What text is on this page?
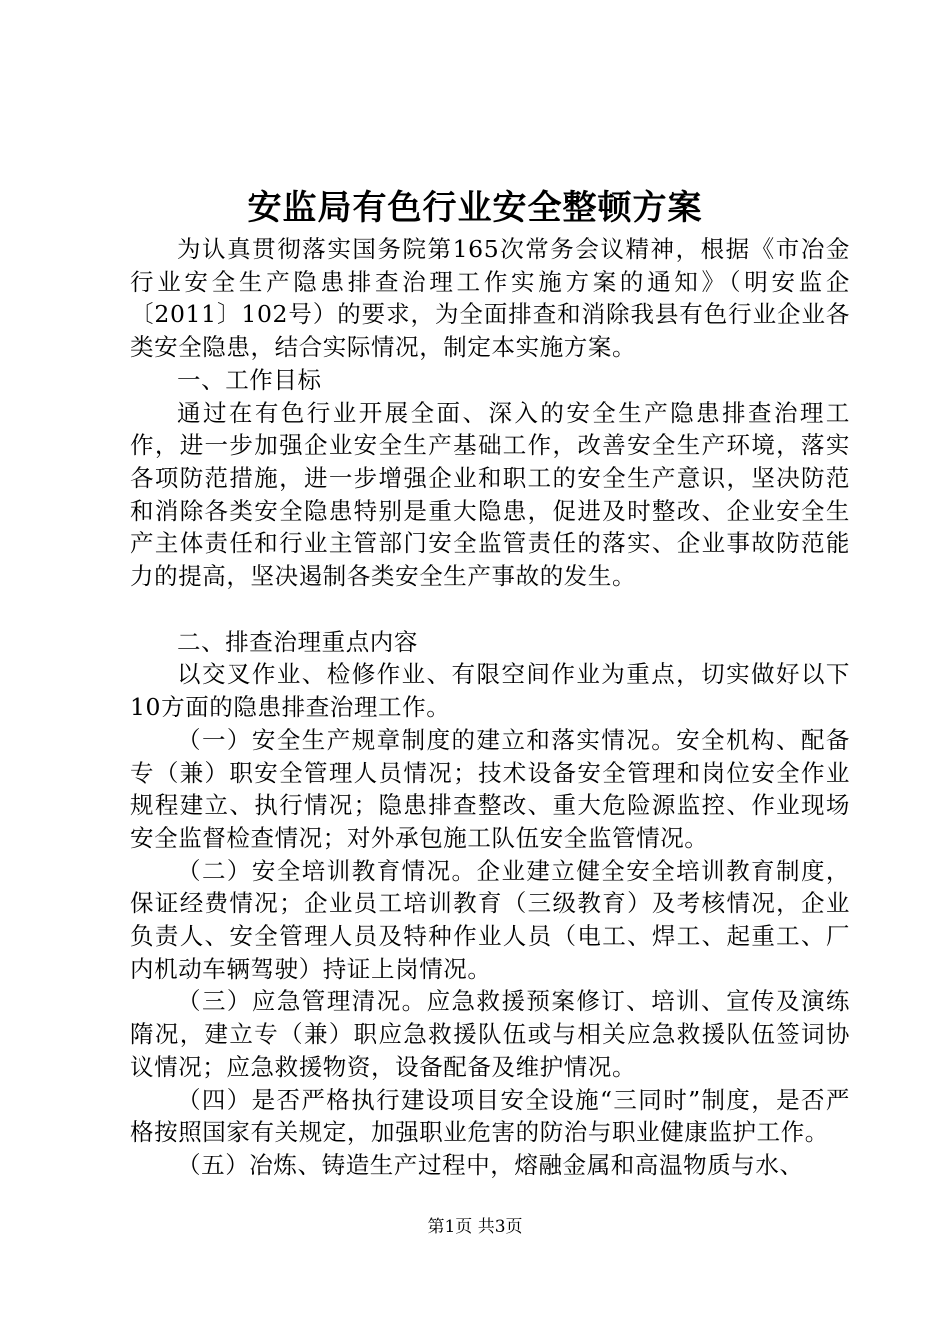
安监局有色行业安全整顿方案

为认真贯彻落实国务院第165次常务会议精神，根据《市冶金行业安全生产隐患排查治理工作实施方案的通知》（明安监企〔2011〕102号）的要求，为全面排查和消除我县有色行业企业各类安全隐患，结合实际情况，制定本实施方案。

一、工作目标

通过在有色行业开展全面、深入的安全生产隐患排查治理工作，进一步加强企业安全生产基础工作，改善安全生产环境，落实各项防范措施，进一步增强企业和职工的安全生产意识，坚决防范和消除各类安全隐患特别是重大隐患，促进及时整改、企业安全生产主体责任和行业主管部门安全监管责任的落实、企业事故防范能力的提高，坚决遏制各类安全生产事故的发生。

二、排查治理重点内容

以交叉作业、检修作业、有限空间作业为重点，切实做好以下10方面的隐患排查治理工作。

（一）安全生产规章制度的建立和落实情况。安全机构、配备专（兼）职安全管理人员情况；技术设备安全管理和岗位安全作业规程建立、执行情况；隐患排查整改、重大危险源监控、作业现场安全监督检查情况；对外承包施工队伍安全监管情况。

（二）安全培训教育情况。企业建立健全安全培训教育制度，保证经费情况；企业员工培训教育（三级教育）及考核情况，企业负责人、安全管理人员及特种作业人员（电工、焊工、起重工、厂内机动车辆驾驶）持证上岗情况。

（三）应急管理清况。应急救援预案修订、培训、宣传及演练隋况，建立专（兼）职应急救援队伍或与相关应急救援队伍签词协议情况；应急救援物资，设备配备及维护情况。

（四）是否严格执行建设项目安全设施“三同时”制度，是否严格按照国家有关规定，加强职业危害的防治与职业健康监护工作。

（五）冶炼、铸造生产过程中，熔融金属和高温物质与水、

第1页 共3页
